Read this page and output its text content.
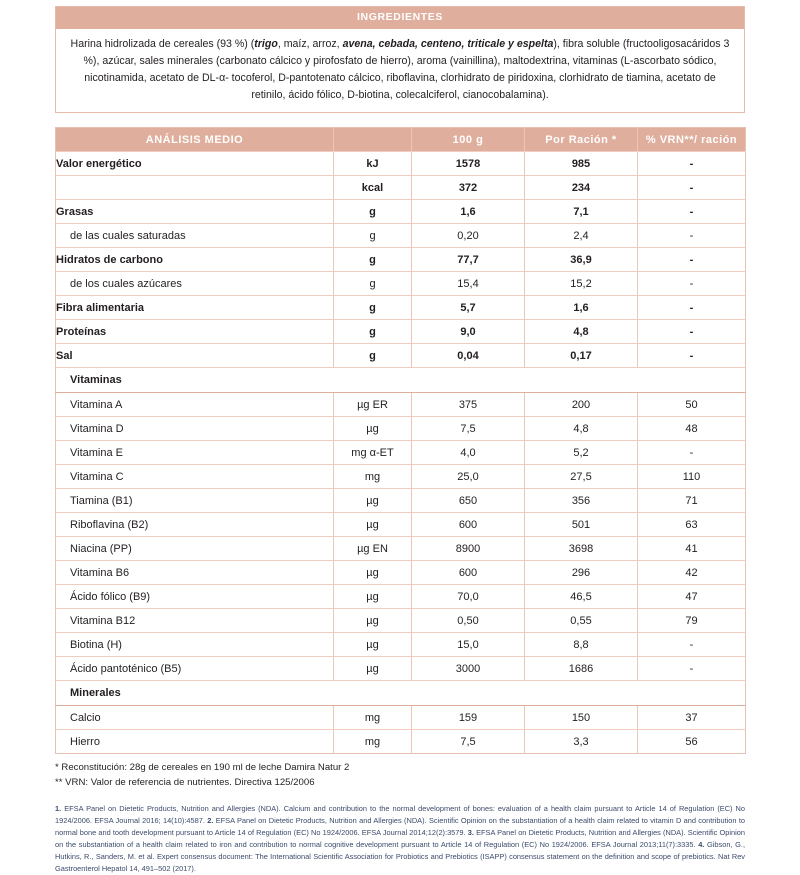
INGREDIENTES
Harina hidrolizada de cereales (93 %) (trigo, maíz, arroz, avena, cebada, centeno, triticale y espelta), fibra soluble (fructooligosacáridos 3 %), azúcar, sales minerales (carbonato cálcico y pirofosfato de hierro), aroma (vainillina), maltodextrina, vitaminas (L-ascorbato sódico, nicotinamida, acetato de DL-α- tocoferol, D-pantotenato cálcico, riboflavina, clorhidrato de piridoxina, clorhidrato de tiamina, acetato de retinilo, ácido fólico, D-biotina, colecalciferol, cianocobalamina).
ANÁLISIS MEDIO		100 g	Por Ración *	% VRN**/ ración
Valor energético	kJ	1578	985	-
	kcal	372	234	-
Grasas	g	1,6	7,1	-
de las cuales saturadas	g	0,20	2,4	-
Hidratos de carbono	g	77,7	36,9	-
de los cuales azúcares	g	15,4	15,2	-
Fibra alimentaria	g	5,7	1,6	-
Proteínas	g	9,0	4,8	-
Sal	g	0,04	0,17	-
Vitaminas				
Vitamina A	µg ER	375	200	50
Vitamina D	µg	7,5	4,8	48
Vitamina E	mg α-ET	4,0	5,2	-
Vitamina C	mg	25,0	27,5	110
Tiamina (B1)	µg	650	356	71
Riboflavina (B2)	µg	600	501	63
Niacina (PP)	µg EN	8900	3698	41
Vitamina B6	µg	600	296	42
Ácido fólico (B9)	µg	70,0	46,5	47
Vitamina B12	µg	0,50	0,55	79
Biotina (H)	µg	15,0	8,8	-
Ácido pantoténico (B5)	µg	3000	1686	-
Minerales				
Calcio	mg	159	150	37
Hierro	mg	7,5	3,3	56
* Reconstitución: 28g de cereales en 190 ml de leche Damira Natur 2
** VRN: Valor de referencia de nutrientes. Directiva 125/2006
1. EFSA Panel on Dietetic Products, Nutrition and Allergies (NDA). Calcium and contribution to the normal development of bones: evaluation of a health claim pursuant to Article 14 of Regulation (EC) No 1924/2006. EFSA Journal 2016; 14(10):4587. 2. EFSA Panel on Dietetic Products, Nutrition and Allergies (NDA). Scientific Opinion on the substantiation of a health claim related to vitamin D and contribution to normal bone and tooth development pursuant to Article 14 of Regulation (EC) No 1924/2006. EFSA Journal 2014;12(2):3579. 3. EFSA Panel on Dietetic Products, Nutrition and Allergies (NDA). Scientific Opinion on the substantiation of a health claim related to iron and contribution to normal cognitive development pursuant to Article 14 of Regulation (EC) No 1924/2006. EFSA Journal 2013;11(7):3335. 4. Gibson, G., Hutkins, R., Sanders, M. et al. Expert consensus document: The International Scientific Association for Probiotics and Prebiotics (ISAPP) consensus statement on the definition and scope of prebiotics. Nat Rev Gastroenterol Hepatol 14, 491–502 (2017).
